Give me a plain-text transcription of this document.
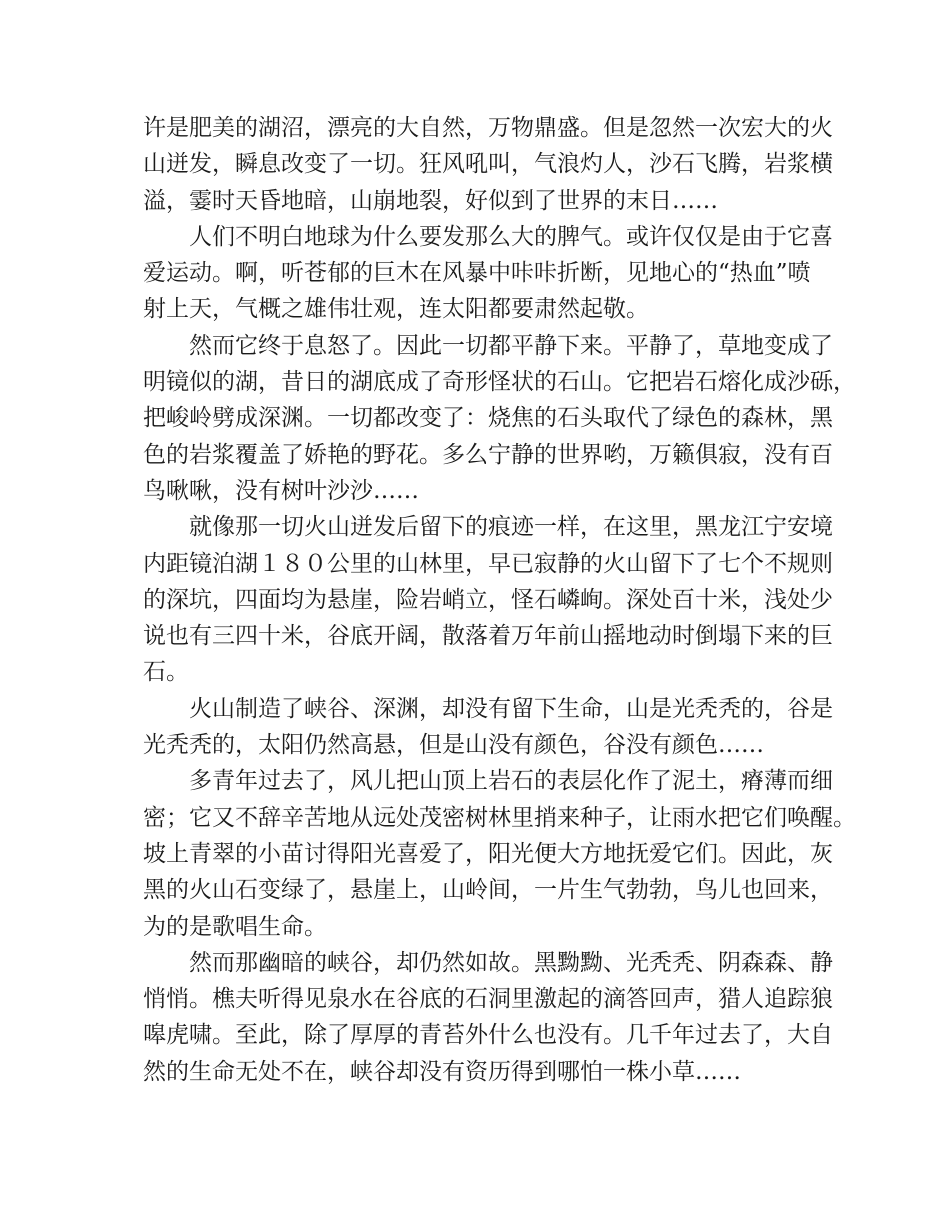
许是肥美的湖沼，漂亮的大自然，万物鼎盛。但是忽然一次宏大的火
山迸发，瞬息改变了一切。狂风吼叫，气浪灼人，沙石飞腾，岩浆横
溢，霎时天昏地暗，山崩地裂，好似到了世界的末日……
人们不明白地球为什么要发那么大的脾气。或许仅仅是由于它喜
爱运动。啊，听苍郁的巨木在风暴中咔咔折断，见地心的“热血”喷
射上天，气概之雄伟壮观，连太阳都要肃然起敬。
然而它终于息怒了。因此一切都平静下来。平静了，草地变成了
明镜似的湖，昔日的湖底成了奇形怪状的石山。它把岩石熔化成沙砾，
把峻岭劈成深渊。一切都改变了：烧焦的石头取代了绿色的森林，黑
色的岩浆覆盖了娇艳的野花。多么宁静的世界哟，万籁俱寂，没有百
鸟啾啾，没有树叶沙沙……
就像那一切火山迸发后留下的痕迹一样，在这里，黑龙江宁安境
内距镜泊湖１８０公里的山林里，早已寂静的火山留下了七个不规则
的深坑，四面均为悬崖，险岩峭立，怪石嶙峋。深处百十米，浅处少
说也有三四十米，谷底开阔，散落着万年前山摇地动时倒塌下来的巨
石。
火山制造了峡谷、深渊，却没有留下生命，山是光秃秃的，谷是
光秃秃的，太阳仍然高悬，但是山没有颜色，谷没有颜色……
多青年过去了，风儿把山顶上岩石的表层化作了泥土，瘠薄而细
密；它又不辞辛苦地从远处茂密树林里捎来种子，让雨水把它们唤醒。
坡上青翠的小苗讨得阳光喜爱了，阳光便大方地抚爱它们。因此，灰
黑的火山石变绿了，悬崖上，山岭间，一片生气勃勃，鸟儿也回来，
为的是歌唱生命。
然而那幽暗的峡谷，却仍然如故。黑黝黝、光秃秃、阴森森、静
悄悄。樵夫听得见泉水在谷底的石洞里激起的滴答回声，猎人追踪狼
嗥虎啸。至此，除了厚厚的青苔外什么也没有。几千年过去了，大自
然的生命无处不在，峡谷却没有资历得到哪怕一株小草……
